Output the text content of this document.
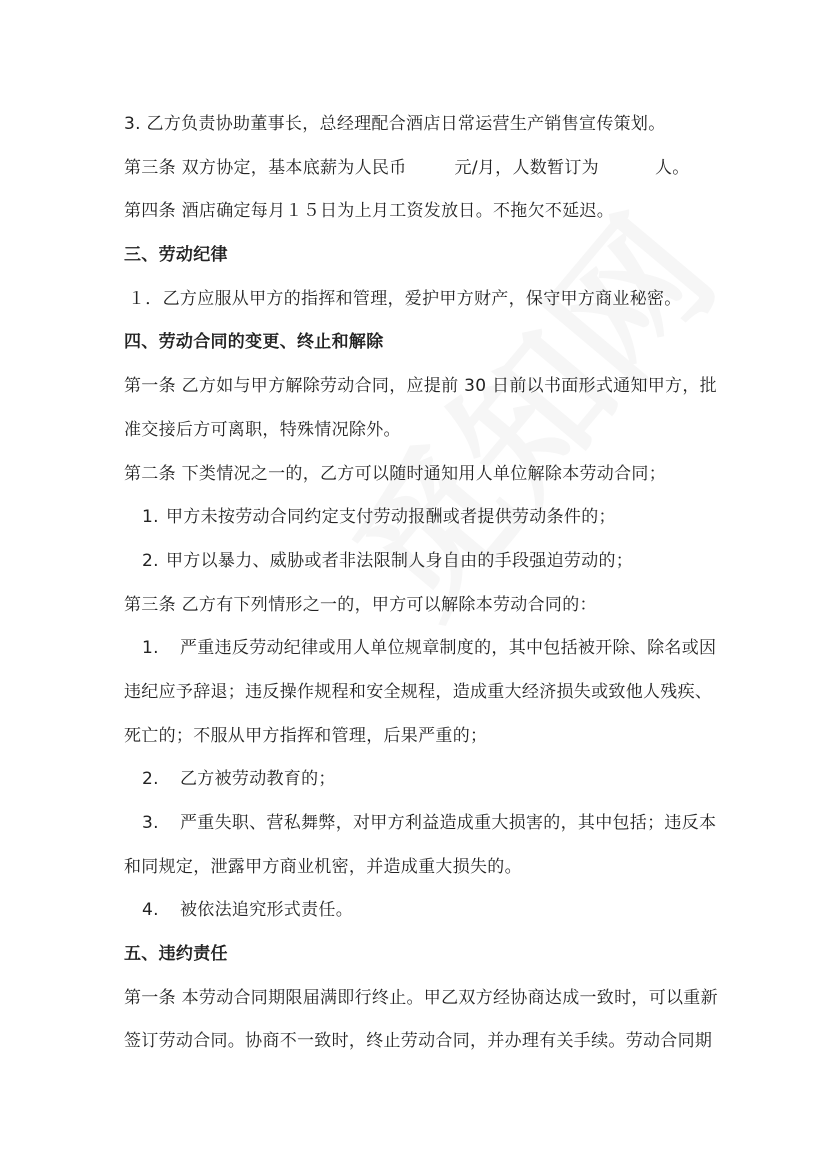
3. 乙方负责协助董事长，总经理配合酒店日常运营生产销售宣传策划。
第三条 双方协定，基本底薪为人民币	元/月，人数暂订为	人。
第四条 酒店确定每月１５日为上月工资发放日。不拖欠不延迟。
三、劳动纪律
１．乙方应服从甲方的指挥和管理，爱护甲方财产，保守甲方商业秘密。
四、劳动合同的变更、终止和解除
第一条 乙方如与甲方解除劳动合同，应提前 30 日前以书面形式通知甲方，批
准交接后方可离职，特殊情况除外。
第二条 下类情况之一的，乙方可以随时通知用人单位解除本劳动合同；
1. 甲方未按劳动合同约定支付劳动报酬或者提供劳动条件的；
2. 甲方以暴力、威胁或者非法限制人身自由的手段强迫劳动的；
第三条 乙方有下列情形之一的，甲方可以解除本劳动合同的：
1. 严重违反劳动纪律或用人单位规章制度的，其中包括被开除、除名或因
违纪应予辞退；违反操作规程和安全规程，造成重大经济损失或致他人残疾、
死亡的；不服从甲方指挥和管理，后果严重的；
2. 乙方被劳动教育的；
3. 严重失职、营私舞弊，对甲方利益造成重大损害的，其中包括；违反本
和同规定，泄露甲方商业机密，并造成重大损失的。
4. 被依法追究形式责任。
五、违约责任
第一条 本劳动合同期限届满即行终止。甲乙双方经协商达成一致时，可以重新
签订劳动合同。协商不一致时，终止劳动合同，并办理有关手续。劳动合同期
